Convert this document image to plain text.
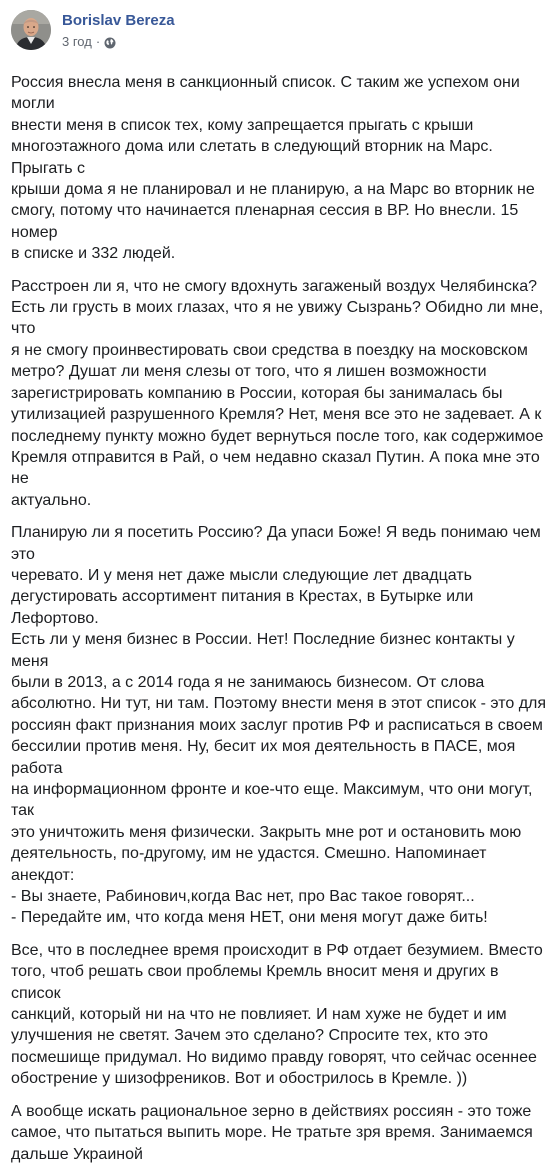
Borislav Bereza
3 год ·

Россия внесла меня в санкционный список. С таким же успехом они могли
внести меня в список тех, кому запрещается прыгать с крыши
многоэтажного дома или слетать в следующий вторник на Марс. Прыгать с
крыши дома я не планировал и не планирую, а на Марс во вторник не
смогу, потому что начинается пленарная сессия в ВР. Но внесли. 15 номер
в списке и 332 людей.

Расстроен ли я, что не смогу вдохнуть загаженый воздух Челябинска?
Есть ли грусть в моих глазах, что я не увижу Сызрань? Обидно ли мне, что
я не смогу проинвестировать свои средства в поездку на московском
метро? Душат ли меня слезы от того, что я лишен возможности
зарегистрировать компанию в России, которая бы занималась бы
утилизацией разрушенного Кремля? Нет, меня все это не задевает. А к
последнему пункту можно будет вернуться после того, как содержимое
Кремля отправится в Рай, о чем недавно сказал Путин. А пока мне это не
актуально.

Планирую ли я посетить Россию? Да упаси Боже! Я ведь понимаю чем это
черевато. И у меня нет даже мысли следующие лет двадцать
дегустировать ассортимент питания в Крестах, в Бутырке или Лефортово.
Есть ли у меня бизнес в России. Нет! Последние бизнес контакты у меня
были в 2013, а с 2014 года я не занимаюсь бизнесом. От слова
абсолютно. Ни тут, ни там. Поэтому внести меня в этот список - это для
россиян факт признания моих заслуг против РФ и расписаться в своем
бессилии против меня. Ну, бесит их моя деятельность в ПАСЕ, моя работа
на информационном фронте и кое-что еще. Максимум, что они могут, так
это уничтожить меня физически. Закрыть мне рот и остановить мою
деятельность, по-другому, им не удастся. Смешно. Напоминает анекдот:
- Вы знаете, Рабинович,когда Вас нет, про Вас такое говорят...
- Передайте им, что когда меня НЕТ, они меня могут даже бить!

Все, что в последнее время происходит в РФ отдает безумием. Вместо
того, чтоб решать свои проблемы Кремль вносит меня и других в список
санкций, который ни на что не повлияет. И нам хуже не будет и им
улучшения не светят. Зачем это сделано? Спросите тех, кто это
посмешище придумал. Но видимо правду говорят, что сейчас осеннее
обострение у шизофреников. Вот и обострилось в Кремле. ))

А вообще искать рациональное зерно в действиях россиян - это тоже
самое, что пытаться выпить море. Не тратьте зря время. Занимаемся
дальше Украиной
